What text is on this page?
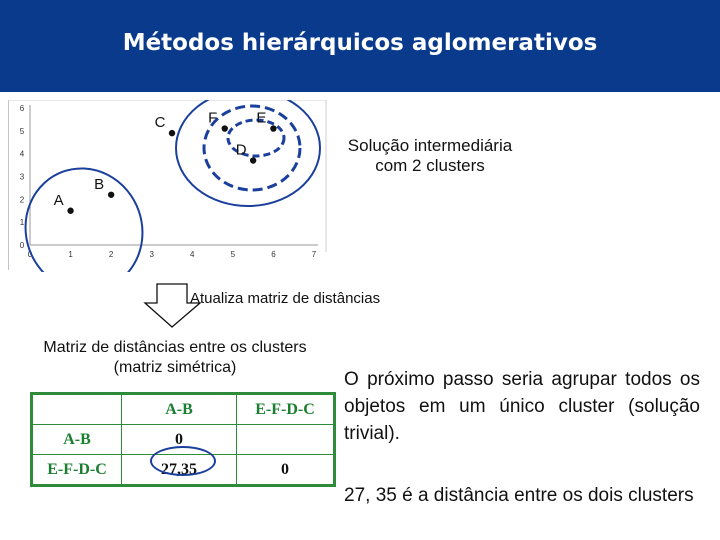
Métodos hierárquicos aglomerativos
6
5
4
3
2
1
0
0	1	2	3	4	5	6	7
A
B
C	F	E
D	Solução intermediária com 2 clusters
Atualiza matriz de distâncias
Matriz de distâncias entre os clusters
(matriz simétrica)
	A-B	E-F-D-C
A-B	0	
E-F-D-C	27,35	0
O próximo passo seria agrupar todos os objetos em um único cluster (solução trivial).
27, 35 é a distância entre os dois clusters
